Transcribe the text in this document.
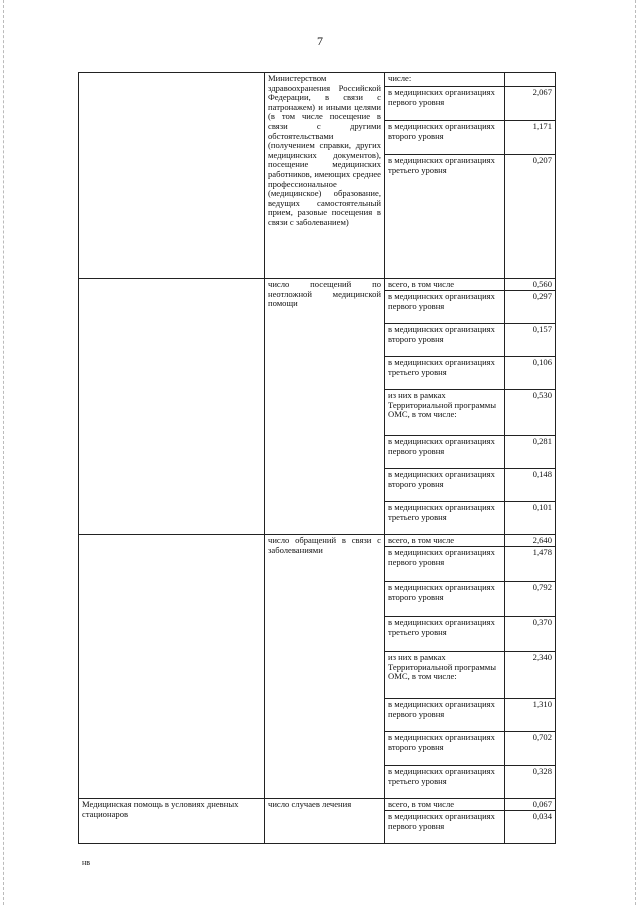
7
	Министерством здравоохранения Российской Федерации, в связи с патронажем) и иными целями (в том числе посещение в связи с другими обстоятельствами (получением справки, других медицинских документов), посещение медицинских работников, имеющих среднее профессиональное (медицинское) образование, ведущих самостоятельный прием, разовые посещения в связи с заболеванием)	числе:	
		в медицинских организациях первого уровня	2,067
		в медицинских организациях второго уровня	1,171
		в медицинских организациях третьего уровня	0,207
	число посещений по неотложной медицинской помощи	всего, в том числе	0,560
		в медицинских организациях первого уровня	0,297
		в медицинских организациях второго уровня	0,157
		в медицинских организациях третьего уровня	0,106
		из них в рамках Территориальной программы ОМС, в том числе:	0,530
		в медицинских организациях первого уровня	0,281
		в медицинских организациях второго уровня	0,148
		в медицинских организациях третьего уровня	0,101
	число обращений в связи с заболеваниями	всего, в том числе	2,640
		в медицинских организациях первого уровня	1,478
		в медицинских организациях второго уровня	0,792
		в медицинских организациях третьего уровня	0,370
		из них в рамках Территориальной программы ОМС, в том числе:	2,340
		в медицинских организациях первого уровня	1,310
		в медицинских организациях второго уровня	0,702
		в медицинских организациях третьего уровня	0,328
Медицинская помощь в условиях дневных стационаров	число случаев лечения	всего, в том числе	0,067
		в медицинских организациях первого уровня	0,034
нв
